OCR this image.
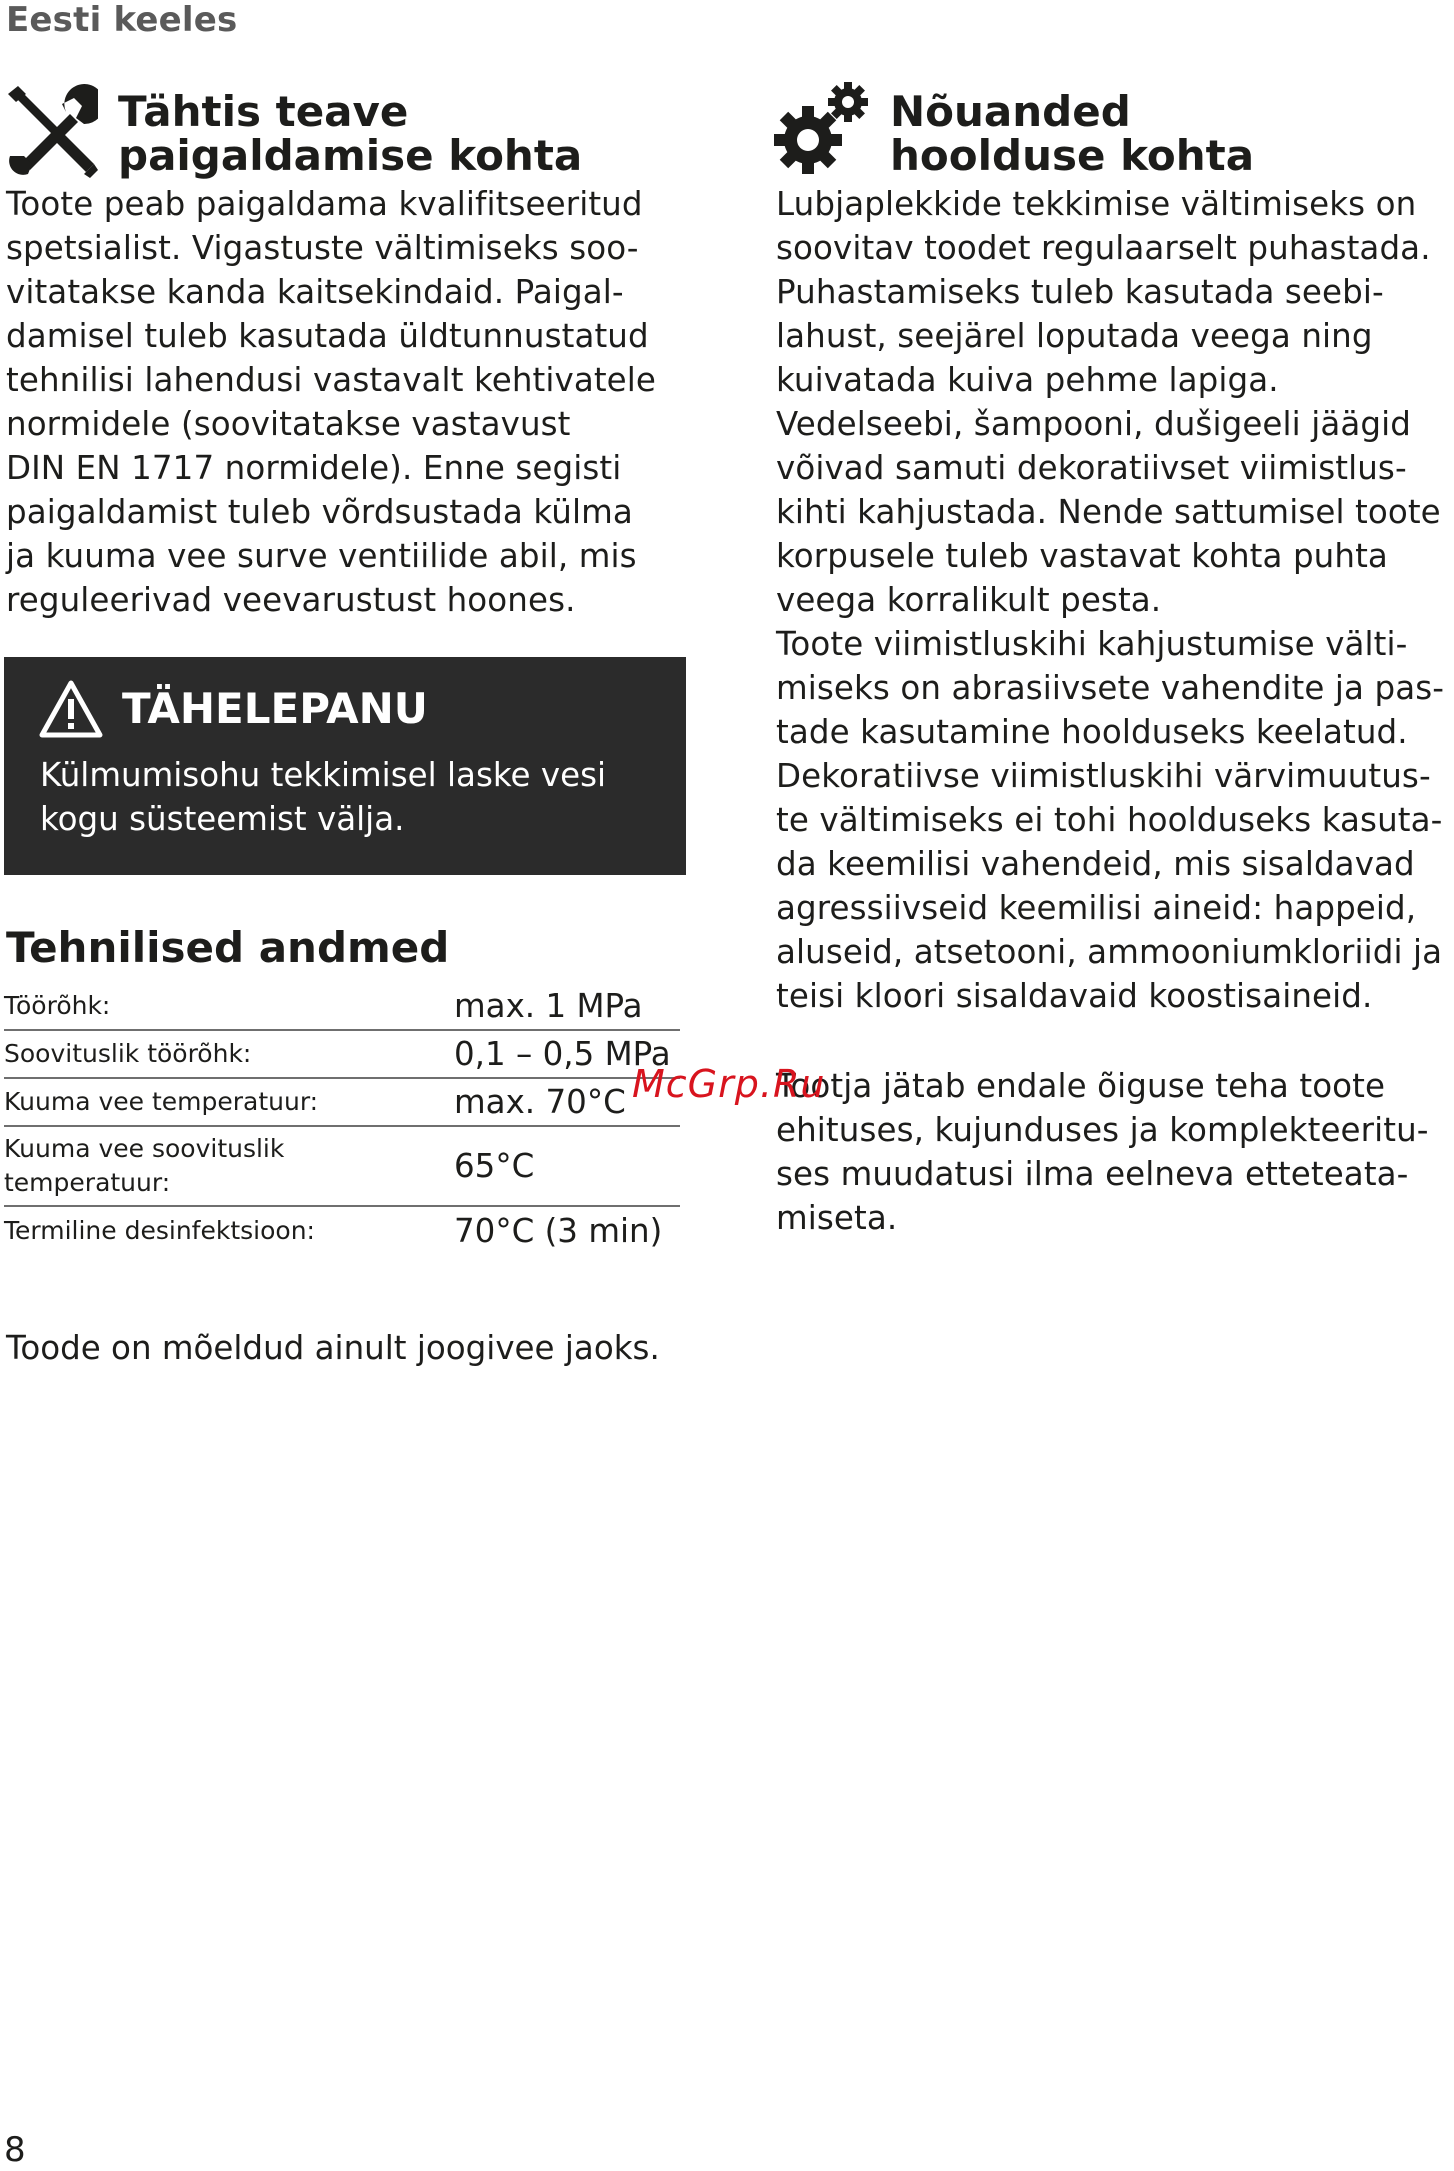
Eesti keeles
Tähtis teave
paigaldamise kohta
Toote peab paigaldama kvalifitseeritud
spetsialist. Vigastuste vältimiseks soo-
vitatakse kanda kaitsekindaid. Paigal-
damisel tuleb kasutada üldtunnustatud
tehnilisi lahendusi vastavalt kehtivatele
normidele (soovitatakse vastavust
DIN EN 1717 normidele). Enne segisti
paigaldamist tuleb võrdsustada külma
ja kuuma vee surve ventiilide abil, mis
reguleerivad veevarustust hoones.
TÄHELEPANU
Külmumisohu tekkimisel laske vesi
kogu süsteemist välja.
Tehnilised andmed
Töörõhk:	max. 1 MPa
Soovituslik töörõhk:	0,1 – 0,5 MPa
Kuuma vee temperatuur:	max. 70°C
Kuuma vee soovituslik
temperatuur:	65°C
Termiline desinfektsioon:	70°C (3 min)
Toode on mõeldud ainult joogivee jaoks.
Nõuanded
hoolduse kohta
Lubjaplekkide tekkimise vältimiseks on
soovitav toodet regulaarselt puhastada.
Puhastamiseks tuleb kasutada seebi-
lahust, seejärel loputada veega ning
kuivatada kuiva pehme lapiga.
Vedelseebi, šampooni, dušigeeli jäägid
võivad samuti dekoratiivset viimistlus-
kihti kahjustada. Nende sattumisel toote
korpusele tuleb vastavat kohta puhta
veega korralikult pesta.
Toote viimistluskihi kahjustumise välti-
miseks on abrasiivsete vahendite ja pas-
tade kasutamine hoolduseks keelatud.
Dekoratiivse viimistluskihi värvimuutus-
te vältimiseks ei tohi hoolduseks kasuta-
da keemilisi vahendeid, mis sisaldavad
agressiivseid keemilisi aineid: happeid,
aluseid, atsetooni, ammooniumkloriidi ja
teisi kloori sisaldavaid koostisaineid.
Tootja jätab endale õiguse teha toote
ehituses, kujunduses ja komplekteeritu-
ses muudatusi ilma eelneva etteteata-
miseta.
McGrp.Ru
8
